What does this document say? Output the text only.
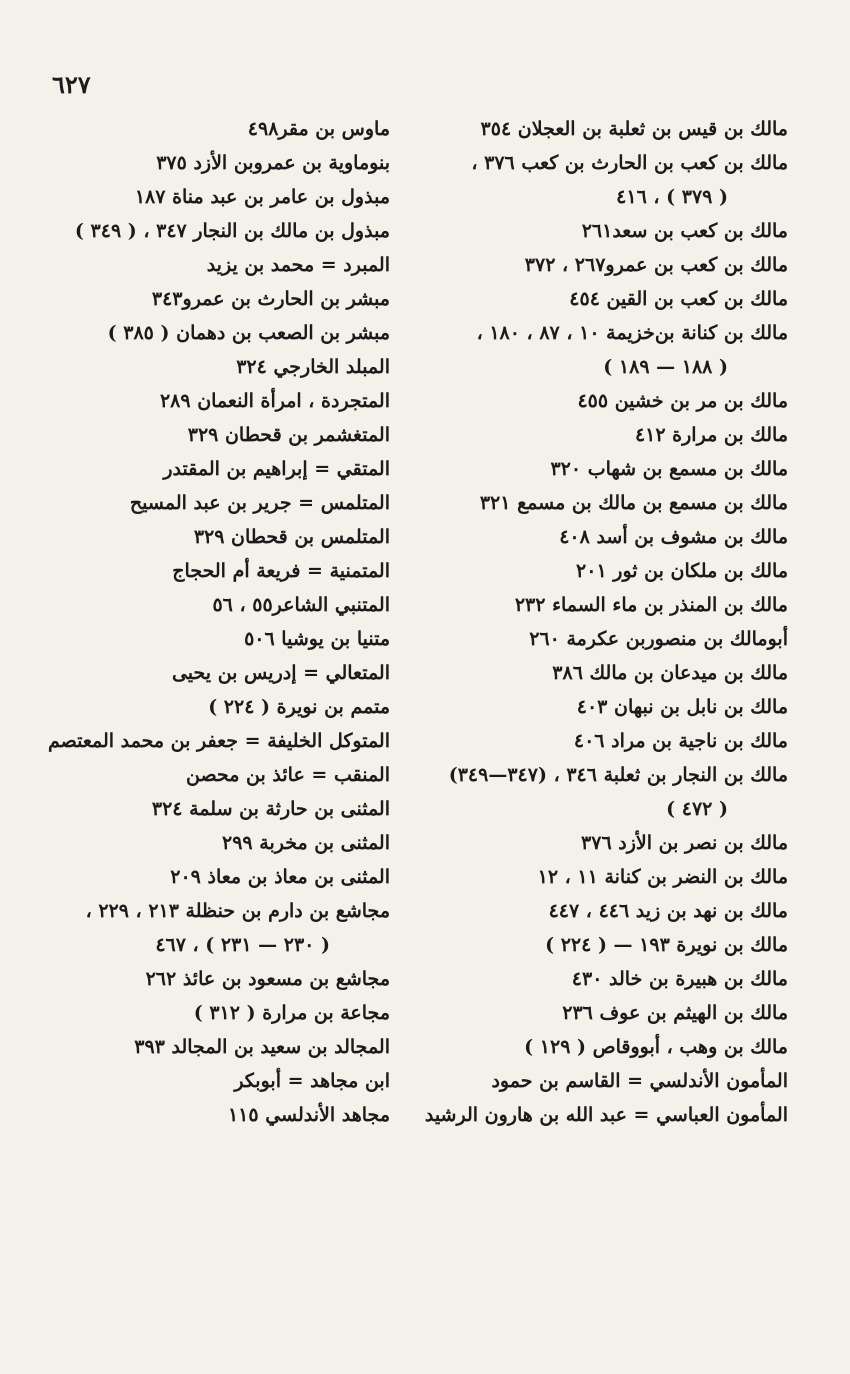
٦٢٧
مالك بن قيس بن ثعلبة بن العجلان ٣٥٤
مالك بن كعب بن الحارث بن كعب ٣٧٦ ،
( ٣٧٩ ) ، ٤١٦
مالك بن كعب بن سعد٢٦١
مالك بن كعب بن عمرو٢٦٧ ، ٣٧٢
مالك بن كعب بن القين ٤٥٤
مالك بن كنانة بن‌خزيمة ١٠ ، ٨٧ ، ١٨٠ ،
( ١٨٨ — ١٨٩ )
مالك بن مر بن خشين ٤٥٥
مالك بن مرارة ٤١٢
مالك بن مسمع بن شهاب ٣٢٠
مالك بن مسمع بن مالك بن مسمع ٣٢١
مالك بن مشوف بن أسد ٤٠٨
مالك بن ملكان بن ثور ٢٠١
مالك بن المنذر بن ماء السماء ٢٣٢
أبومالك بن منصوربن عكرمة ٢٦٠
مالك بن ميدعان بن مالك ٣٨٦
مالك بن نابل بن نبهان ٤٠٣
مالك بن ناجية بن مراد ٤٠٦
مالك بن النجار بن ثعلبة ٣٤٦ ، (٣٤٧—٣٤٩)
( ٤٧٢ )
مالك بن نصر بن الأزد ٣٧٦
مالك بن النضر بن كنانة ١١ ، ١٢
مالك بن نهد بن زيد ٤٤٦ ، ٤٤٧
مالك بن نويرة ١٩٣ — ( ٢٢٤ )
مالك بن هبيرة بن خالد ٤٣٠
مالك بن الهيثم بن عوف ٢٣٦
مالك بن وهب ، أبووقاص ( ١٢٩ )
المأمون الأندلسي = القاسم بن حمود
المأمون العباسي = عبد الله بن هارون الرشيد
ماوس بن مقر٤٩٨
بنوماوية بن عمروبن الأزد ٣٧٥
مبذول بن عامر بن عبد مناة ١٨٧
مبذول بن مالك بن النجار ٣٤٧ ، ( ٣٤٩ )
المبرد = محمد بن يزيد
مبشر بن الحارث بن عمرو٣٤٣
مبشر بن الصعب بن دهمان ( ٣٨٥ )
المبلد الخارجي ٣٢٤
المتجردة ، امرأة النعمان ٢٨٩
المتغشمر بن قحطان ٣٢٩
المتقي = إبراهيم بن المقتدر
المتلمس = جرير بن عبد المسيح
المتلمس بن قحطان ٣٢٩
المتمنية = فريعة أم الحجاج
المتنبي الشاعر٥٥ ، ٥٦
متنيا بن يوشيا ٥٠٦
المتعالي = إدريس بن يحيى
متمم بن نويرة ( ٢٢٤ )
المتوكل الخليفة = جعفر بن محمد المعتصم
المنقب = عائذ بن محصن
المثنى بن حارثة بن سلمة ٣٢٤
المثنى بن مخربة ٢٩٩
المثنى بن معاذ بن معاذ ٢٠٩
مجاشع بن دارم بن حنظلة ٢١٣ ، ٢٢٩ ،
( ٢٣٠ — ٢٣١ ) ، ٤٦٧
مجاشع بن مسعود بن عائذ ٢٦٢
مجاعة بن مرارة ( ٣١٢ )
المجالد بن سعيد بن المجالد ٣٩٣
ابن مجاهد = أبوبكر
مجاهد الأندلسي ١١٥
